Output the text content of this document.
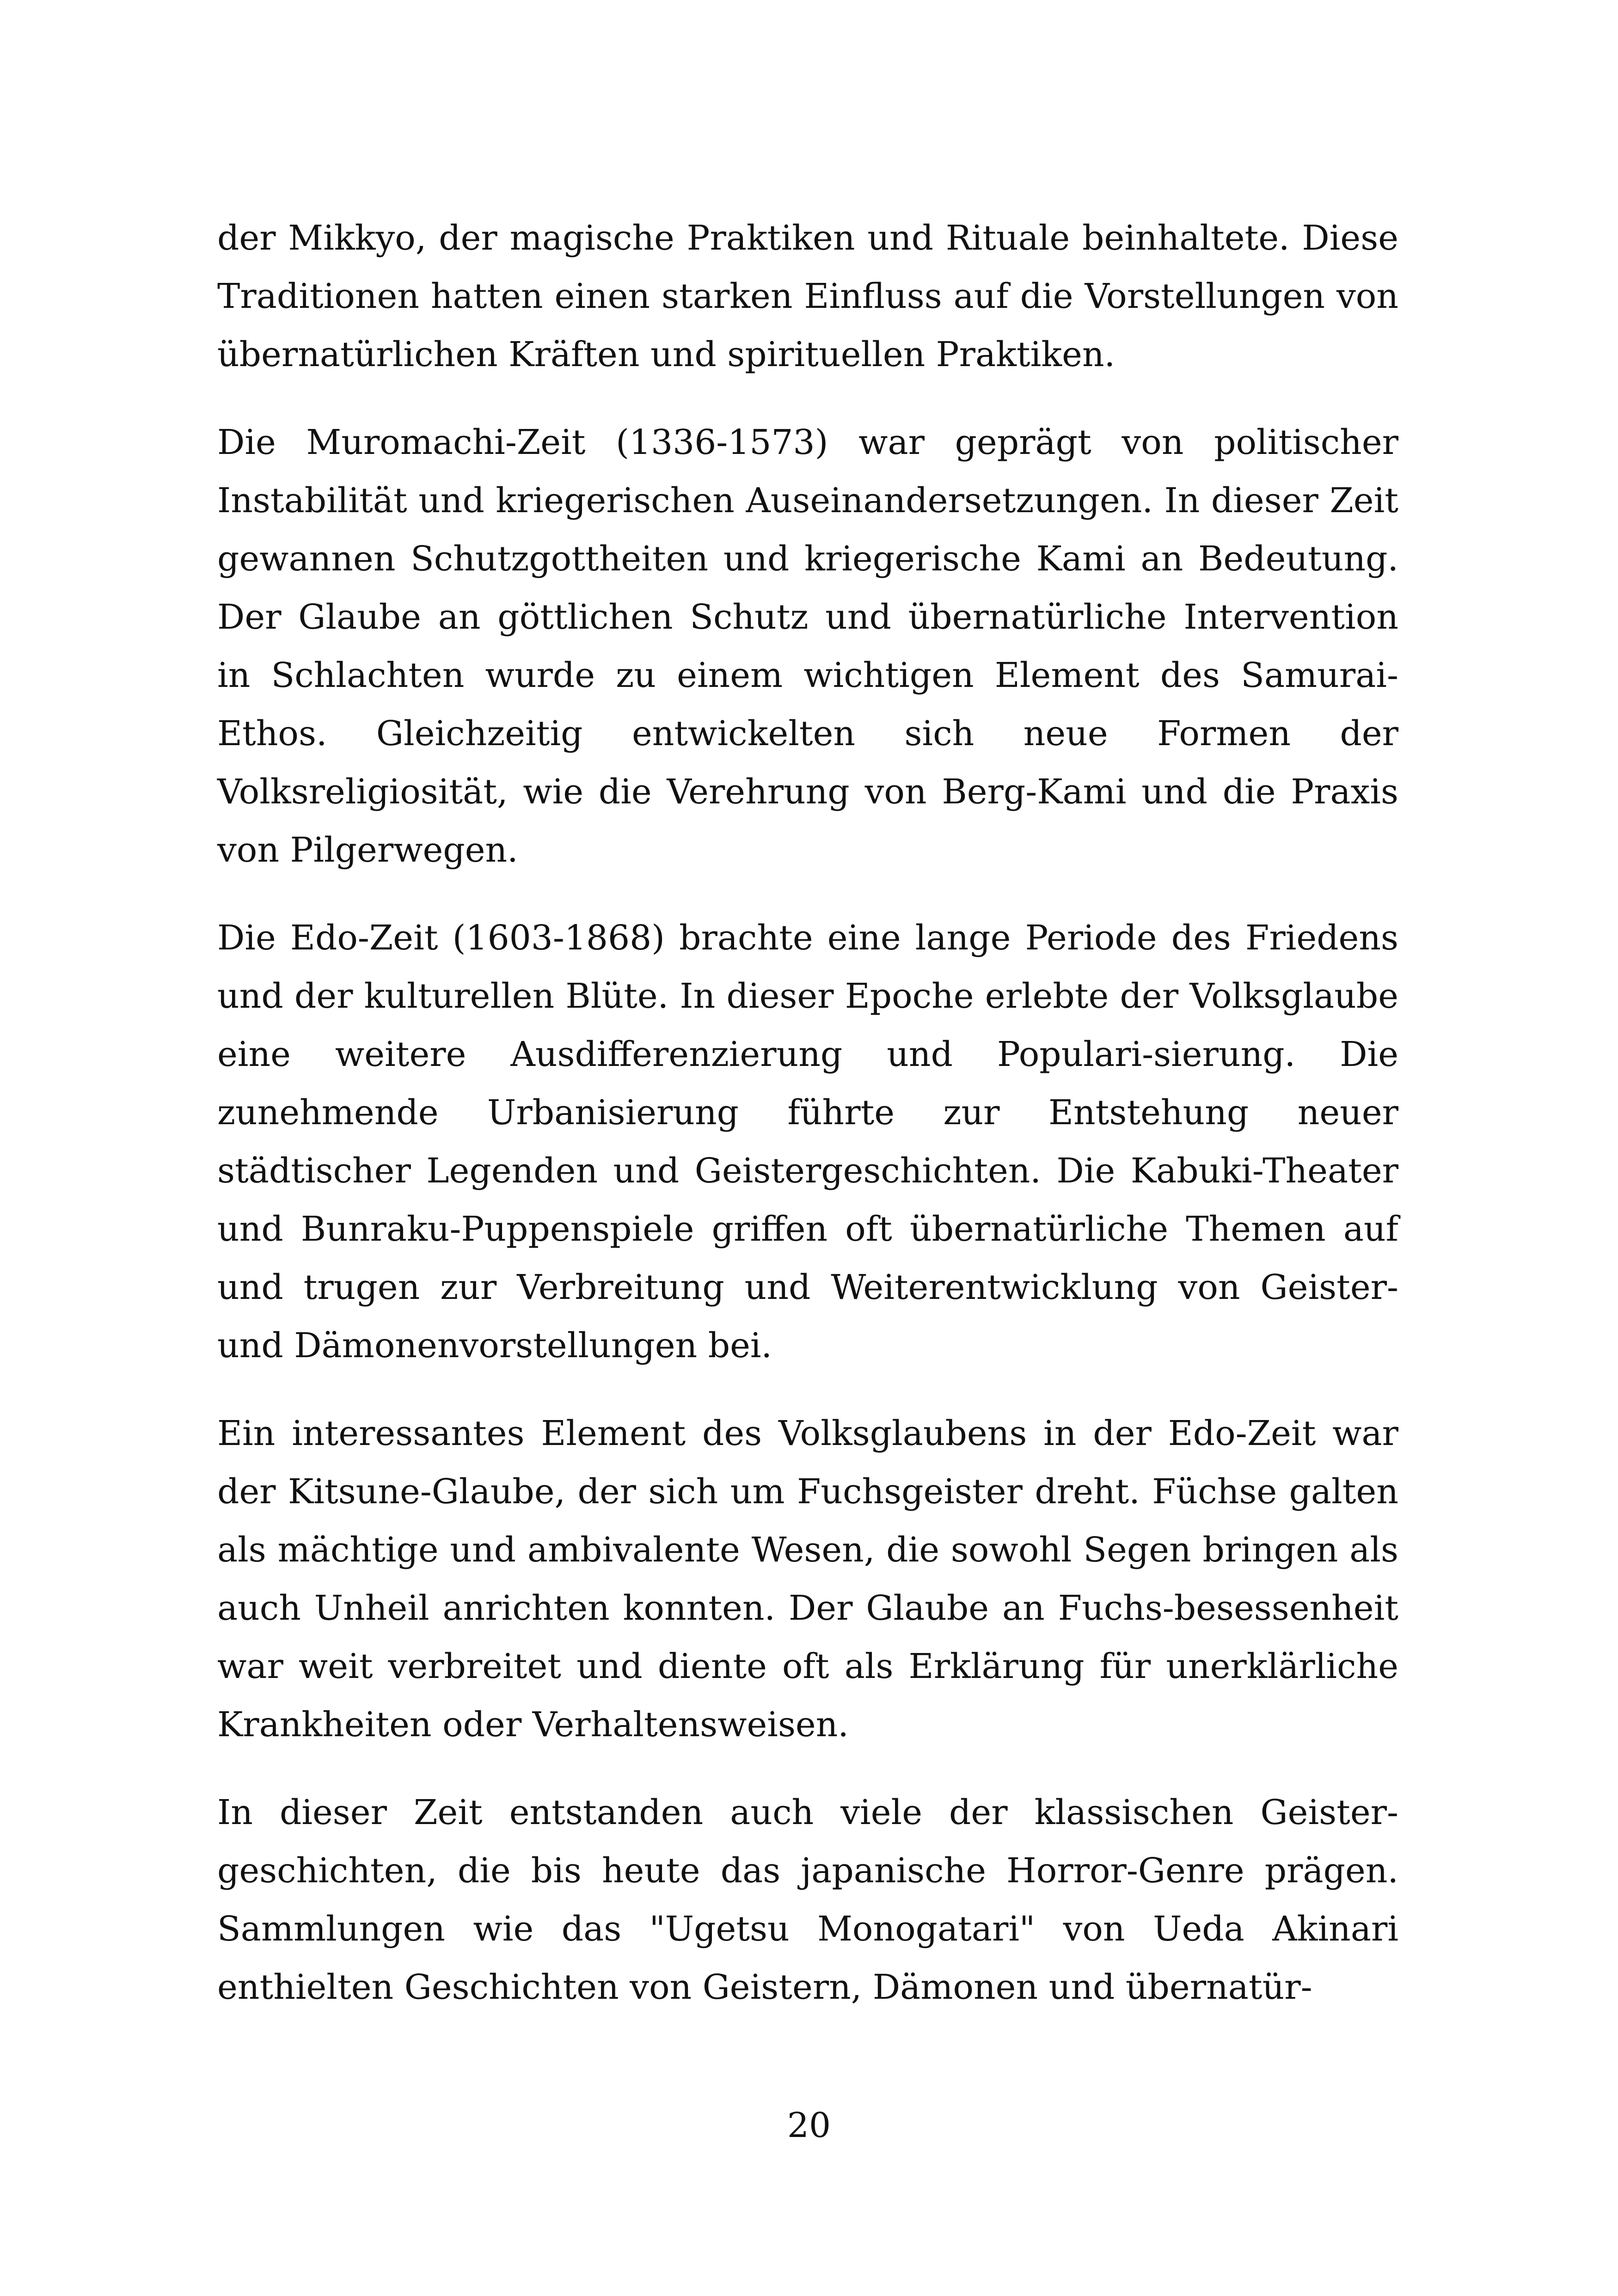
der Mikkyo, der magische Praktiken und Rituale beinhaltete. Diese Traditionen hatten einen starken Einfluss auf die Vorstellungen von übernatürlichen Kräften und spirituellen Praktiken.

Die Muromachi-Zeit (1336-1573) war geprägt von politischer Instabilität und kriegerischen Auseinandersetzungen. In dieser Zeit gewannen Schutzgottheiten und kriegerische Kami an Bedeutung. Der Glaube an göttlichen Schutz und übernatürliche Intervention in Schlachten wurde zu einem wichtigen Element des Samurai-Ethos. Gleichzeitig entwickelten sich neue Formen der Volksreligiosität, wie die Verehrung von Berg-Kami und die Praxis von Pilgerwegen.

Die Edo-Zeit (1603-1868) brachte eine lange Periode des Friedens und der kulturellen Blüte. In dieser Epoche erlebte der Volksglaube eine weitere Ausdifferenzierung und Populari-sierung. Die zunehmende Urbanisierung führte zur Entstehung neuer städtischer Legenden und Geistergeschichten. Die Kabuki-Theater und Bunraku-Puppenspiele griffen oft übernatürliche Themen auf und trugen zur Verbreitung und Weiterentwicklung von Geister- und Dämonenvorstellungen bei.

Ein interessantes Element des Volksglaubens in der Edo-Zeit war der Kitsune-Glaube, der sich um Fuchsgeister dreht. Füchse galten als mächtige und ambivalente Wesen, die sowohl Segen bringen als auch Unheil anrichten konnten. Der Glaube an Fuchs-besessenheit war weit verbreitet und diente oft als Erklärung für unerklärliche Krankheiten oder Verhaltensweisen.

In dieser Zeit entstanden auch viele der klassischen Geister-geschichten, die bis heute das japanische Horror-Genre prägen. Sammlungen wie das "Ugetsu Monogatari" von Ueda Akinari enthielten Geschichten von Geistern, Dämonen und übernatür-

20
